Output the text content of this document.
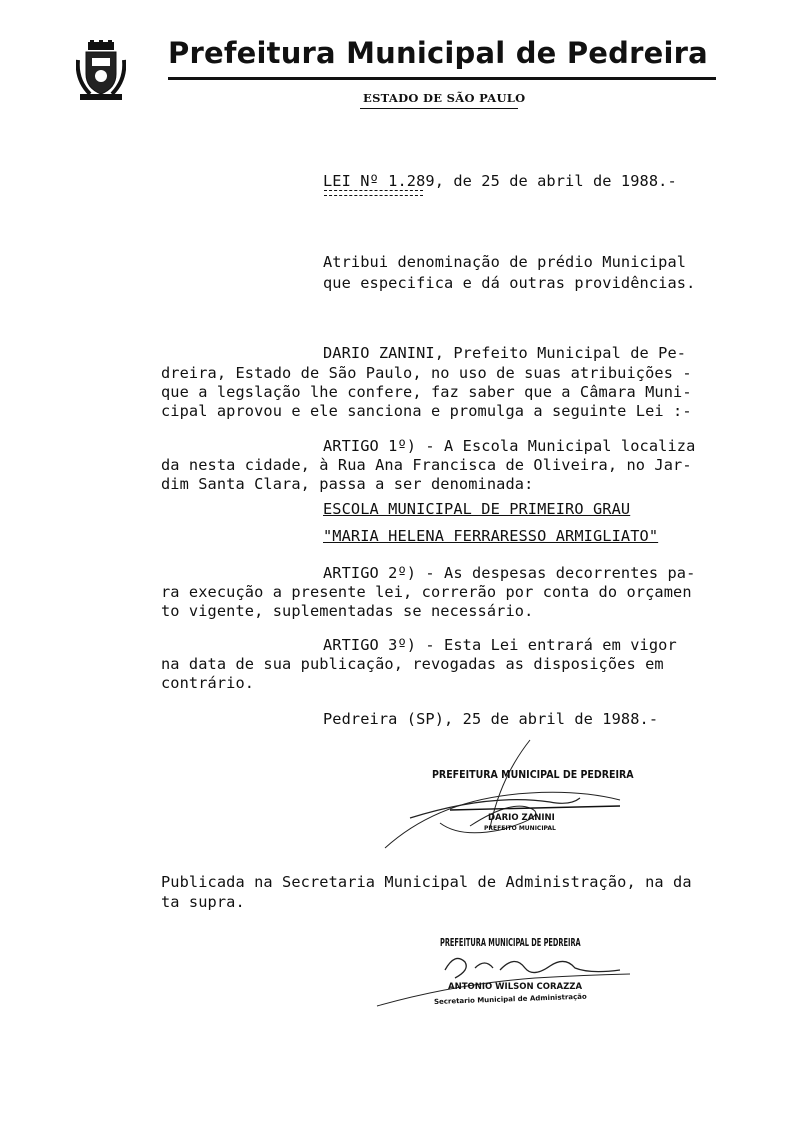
Prefeitura Municipal de Pedreira
ESTADO DE SÃO PAULO
LEI Nº 1.289, de 25 de abril de 1988.-
Atribui denominação de prédio Municipal
que especifica e dá outras providências.
DARIO ZANINI, Prefeito Municipal de Pe-
dreira, Estado de São Paulo, no uso de suas atribuições -
que a legslação lhe confere, faz saber que a Câmara Muni-
cipal aprovou e ele sanciona e promulga a seguinte Lei :-
ARTIGO 1º) - A Escola Municipal localiza
da nesta cidade, à Rua Ana Francisca de Oliveira, no Jar-
dim Santa Clara, passa a ser denominada:
ESCOLA MUNICIPAL DE PRIMEIRO GRAU
"MARIA HELENA FERRARESSO ARMIGLIATO"
ARTIGO 2º) - As despesas decorrentes pa-
ra execução a presente lei, correrão por conta do orçamen
to vigente, suplementadas se necessário.
ARTIGO 3º) - Esta Lei entrará em vigor
na data de sua publicação, revogadas as disposições em
contrário.
Pedreira (SP), 25 de abril de 1988.-
PREFEITURA MUNICIPAL DE PEDREIRA
DARIO ZANINI
PREFEITO MUNICIPAL
Publicada na Secretaria Municipal de Administração, na da
ta supra.
PREFEITURA MUNICIPAL DE PEDREIRA
ANTONIO WILSON CORAZZA
Secretario Municipal de Administração
